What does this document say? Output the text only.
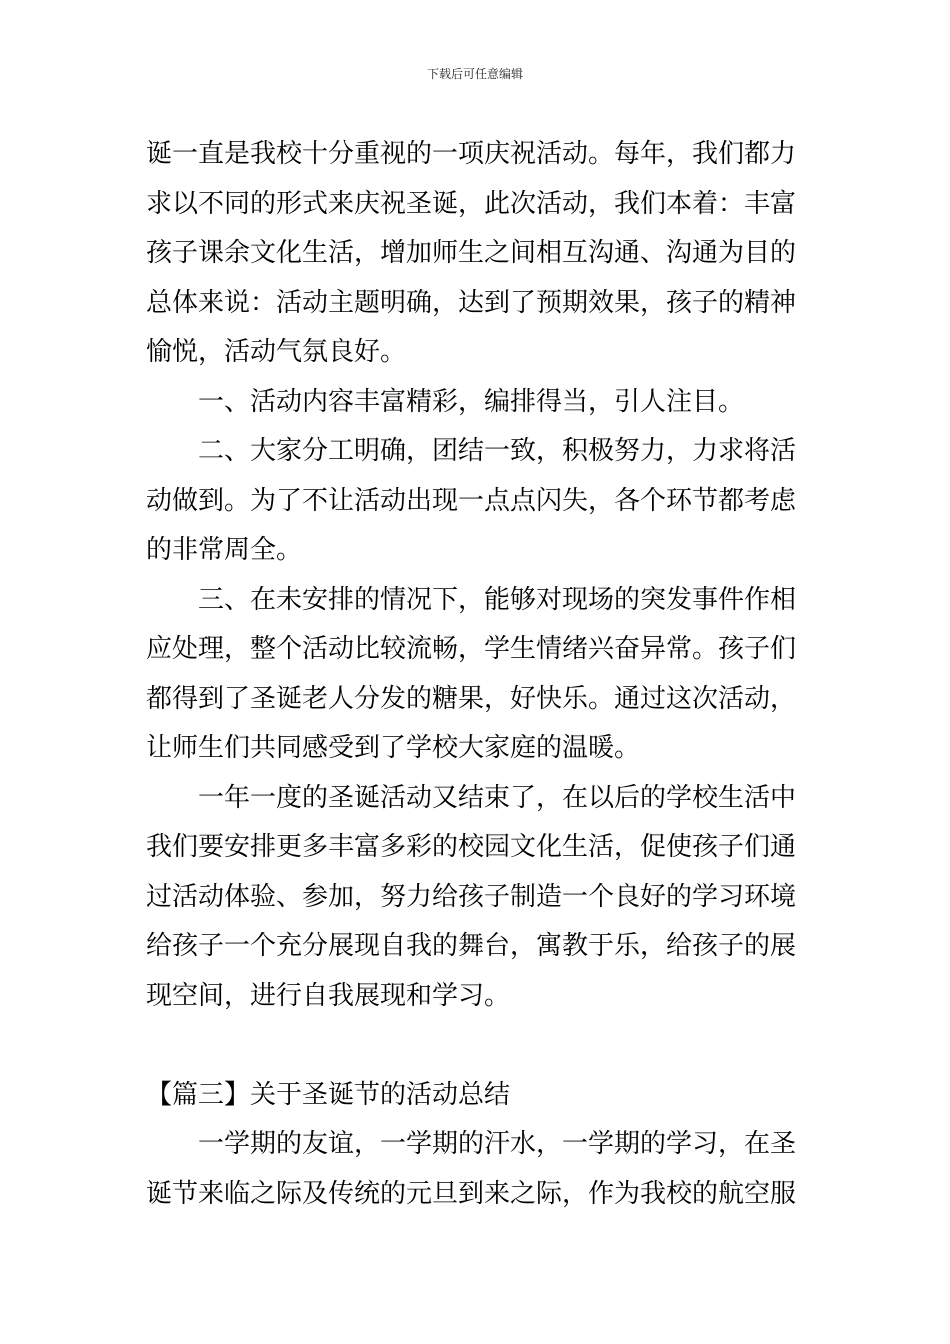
下载后可任意编辑
诞一直是我校十分重视的一项庆祝活动。每年，我们都力
求以不同的形式来庆祝圣诞，此次活动，我们本着：丰富
孩子课余文化生活，增加师生之间相互沟通、沟通为目的
总体来说：活动主题明确，达到了预期效果，孩子的精神
愉悦，活动气氛良好。
一、活动内容丰富精彩，编排得当，引人注目。
二、大家分工明确，团结一致，积极努力，力求将活
动做到。为了不让活动出现一点点闪失，各个环节都考虑
的非常周全。
三、在未安排的情况下，能够对现场的突发事件作相
应处理，整个活动比较流畅，学生情绪兴奋异常。孩子们
都得到了圣诞老人分发的糖果，好快乐。通过这次活动，
让师生们共同感受到了学校大家庭的温暖。
一年一度的圣诞活动又结束了，在以后的学校生活中
我们要安排更多丰富多彩的校园文化生活，促使孩子们通
过活动体验、参加，努力给孩子制造一个良好的学习环境
给孩子一个充分展现自我的舞台，寓教于乐，给孩子的展
现空间，进行自我展现和学习。
【篇三】关于圣诞节的活动总结
一学期的友谊，一学期的汗水，一学期的学习，在圣
诞节来临之际及传统的元旦到来之际，作为我校的航空服
